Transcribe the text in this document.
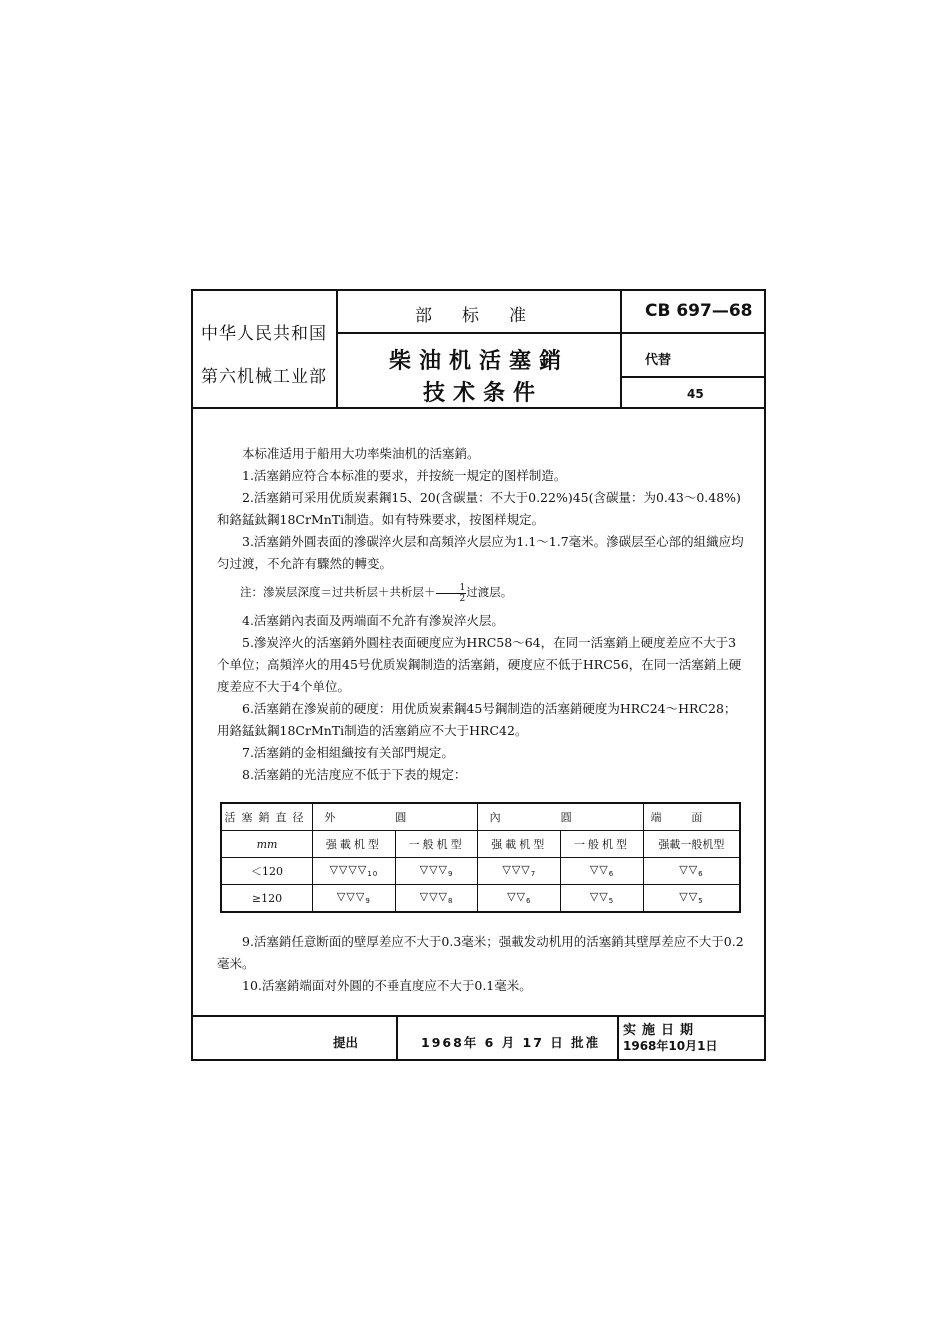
中华人民共和国
第六机械工业部
部标准
柴油机活塞銷
技术条件
CB 697—68
代替
45

本标准适用于船用大功率柴油机的活塞銷。

1.活塞銷应符合本标准的要求，并按統一規定的图样制造。

2.活塞銷可采用优质炭素鋼15、20(含碳量：不大于0.22%)45(含碳量：为0.43～0.48%)和鉻錳鈦鋼18CrMnTi制造。如有特殊要求，按图样規定。

3.活塞銷外圓表面的滲碳淬火层和高頻淬火层应为1.1～1.7毫米。滲碳层至心部的組織应均匀过渡，不允許有驟然的轉变。

注：滲炭层深度＝过共析层＋共析层＋ $\frac{1}{2}$ 过渡层。

4.活塞銷內表面及两端面不允許有滲炭淬火层。

5.滲炭淬火的活塞銷外圓柱表面硬度应为HRC58～64，在同一活塞銷上硬度差应不大于3个单位；高頻淬火的用45号优质炭鋼制造的活塞銷，硬度应不低于HRC56，在同一活塞銷上硬度差应不大于4个单位。

6.活塞銷在滲炭前的硬度：用优质炭素鋼45号鋼制造的活塞銷硬度为HRC24～HRC28；用鉻錳鈦鋼18CrMnTi制造的活塞銷应不大于HRC42。

7.活塞銷的金相組織按有关部門規定。

8.活塞銷的光洁度应不低于下表的規定：

活塞銷直径	外圓		內圓		端面
mm	强載机型	一般机型	强載机型	一般机型	强載一般机型
＜120	$▽▽▽▽_{10}$	$▽▽▽_9$	$▽▽▽_7$	$▽▽_6$	$▽▽_6$
≥120	$▽▽▽_9$	$▽▽▽_8$	$▽▽_6$	$▽▽_5$	$▽▽_5$

9.活塞銷任意断面的壁厚差应不大于0.3毫米；强載发动机用的活塞銷其壁厚差应不大于0.2毫米。

10.活塞銷端面对外圓的不垂直度应不大于0.1毫米。

提出	1968年 6 月 17 日 批准
实施日期
1968年10月1日
